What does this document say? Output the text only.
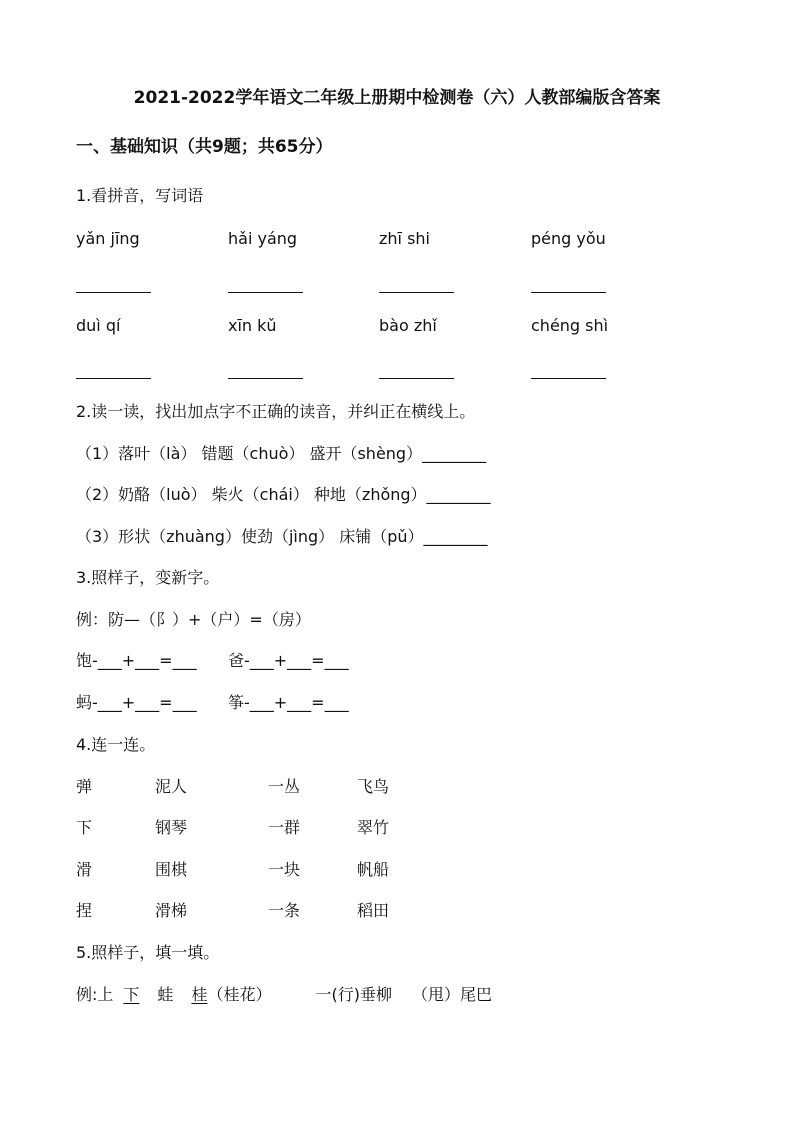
2021-2022学年语文二年级上册期中检测卷（六）人教部编版含答案
一、基础知识（共9题；共65分）
1.看拼音，写词语
yǎn jīng	hǎi yáng	zhī shi	péng yǒu
duì qí	xīn kǔ	bào zhǐ	chéng shì
2.读一读，找出加点字不正确的读音，并纠正在横线上。
（1）落叶（là） 错题（chuò） 盛开（shèng）________
（2）奶酪（luò） 柴火（chái） 种地（zhǒng）________
（3）形状（zhuàng）使劲（jìng） 床铺（pǔ）________
3.照样子，变新字。
例：防—（阝）+（户）=（房）
饱-___+___=___ 爸-___+___=___
蚂-___+___=___ 筝-___+___=___
4.连一连。
弹	泥人	一丛	飞鸟
下	钢琴	一群	翠竹
滑	围棋	一块	帆船
捏	滑梯	一条	稻田
5.照样子，填一填。
例:上 下 蛙 桂（桂花）	一(行)垂柳 （甩）尾巴
